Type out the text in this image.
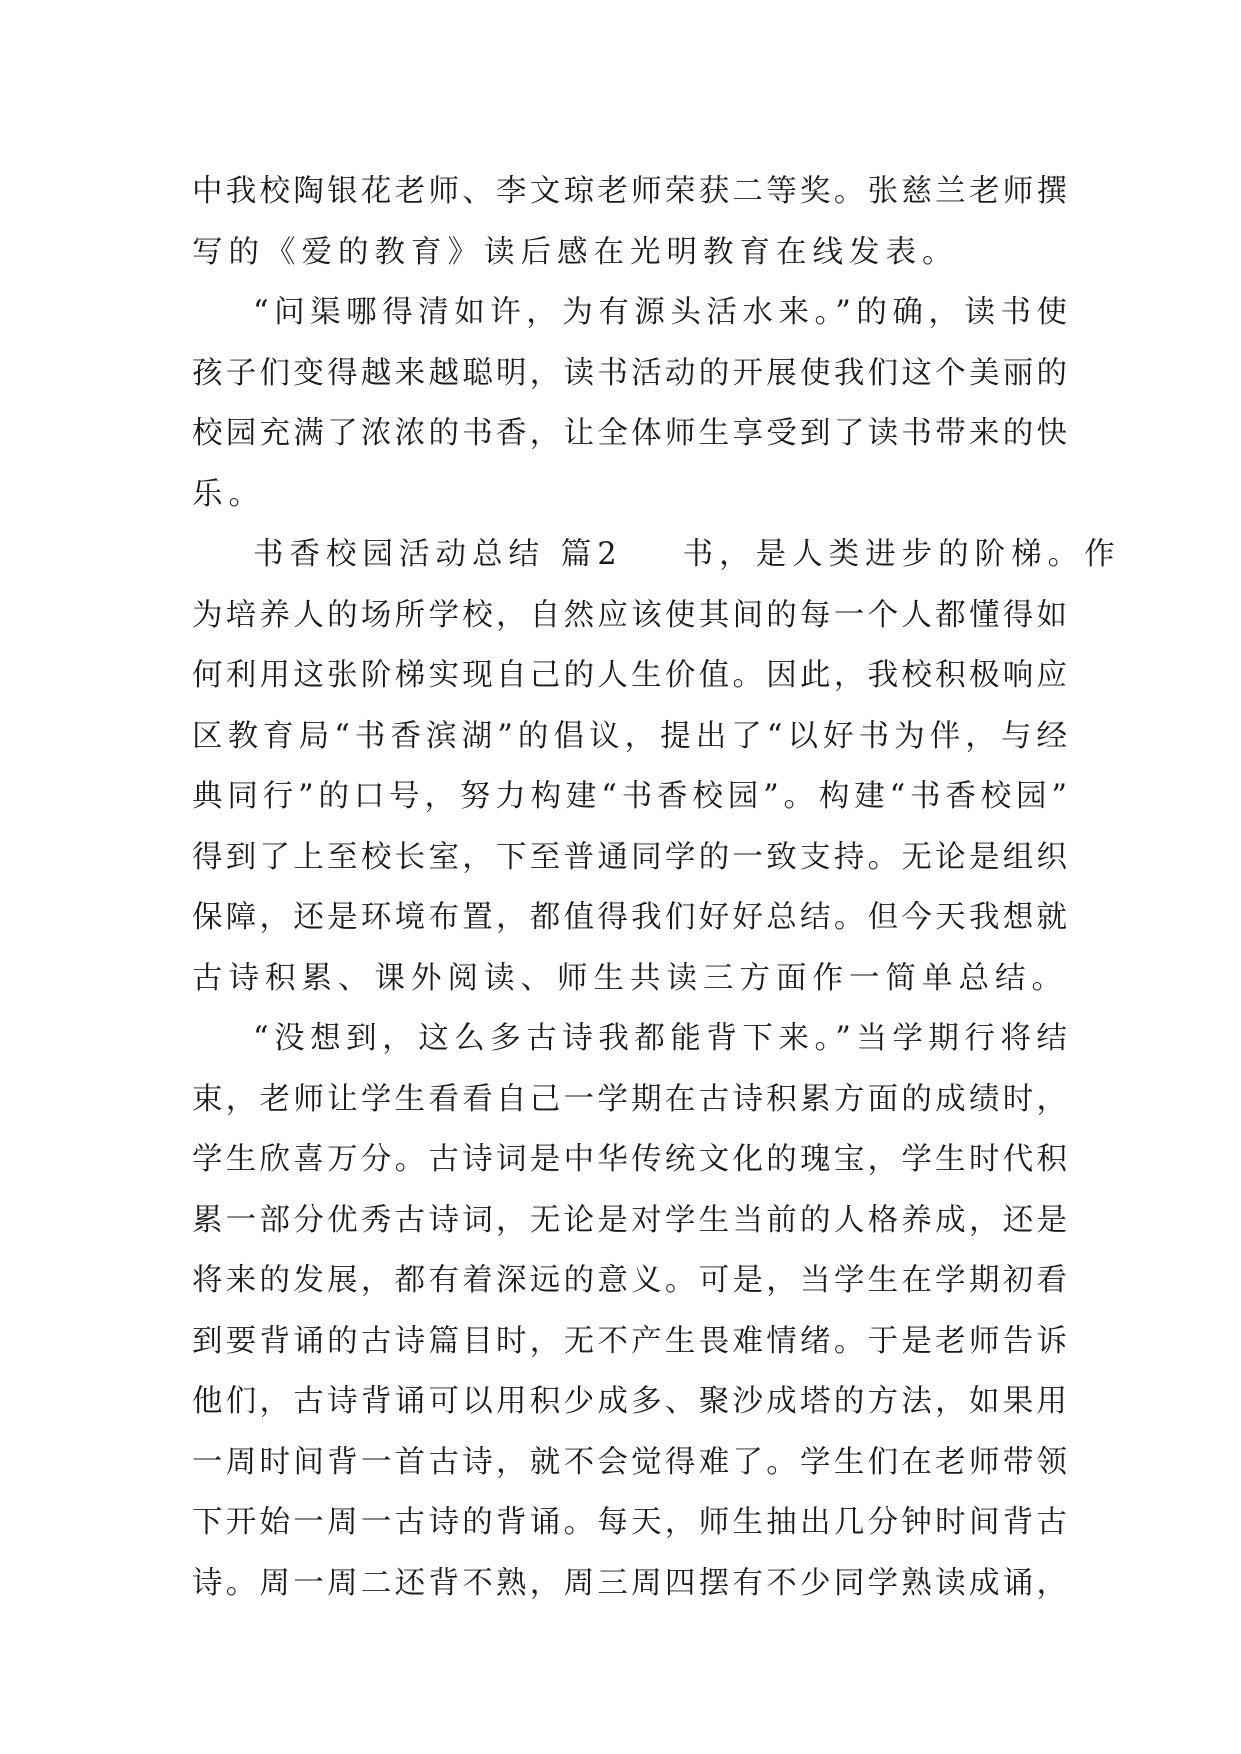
中我校陶银花老师、李文琼老师荣获二等奖。张慈兰老师撰
写的《爱的教育》读后感在光明教育在线发表。
“问渠哪得清如许，为有源头活水来。”的确，读书使
孩子们变得越来越聪明，读书活动的开展使我们这个美丽的
校园充满了浓浓的书香，让全体师生享受到了读书带来的快
乐。
书香校园活动总结 篇2 书，是人类进步的阶梯。作
为培养人的场所学校，自然应该使其间的每一个人都懂得如
何利用这张阶梯实现自己的人生价值。因此，我校积极响应
区教育局“书香滨湖”的倡议，提出了“以好书为伴，与经
典同行”的口号，努力构建“书香校园”。构建“书香校园”
得到了上至校长室，下至普通同学的一致支持。无论是组织
保障，还是环境布置，都值得我们好好总结。但今天我想就
古诗积累、课外阅读、师生共读三方面作一简单总结。
“没想到，这么多古诗我都能背下来。”当学期行将结
束，老师让学生看看自己一学期在古诗积累方面的成绩时，
学生欣喜万分。古诗词是中华传统文化的瑰宝，学生时代积
累一部分优秀古诗词，无论是对学生当前的人格养成，还是
将来的发展，都有着深远的意义。可是，当学生在学期初看
到要背诵的古诗篇目时，无不产生畏难情绪。于是老师告诉
他们，古诗背诵可以用积少成多、聚沙成塔的方法，如果用
一周时间背一首古诗，就不会觉得难了。学生们在老师带领
下开始一周一古诗的背诵。每天，师生抽出几分钟时间背古
诗。周一周二还背不熟，周三周四摆有不少同学熟读成诵，
